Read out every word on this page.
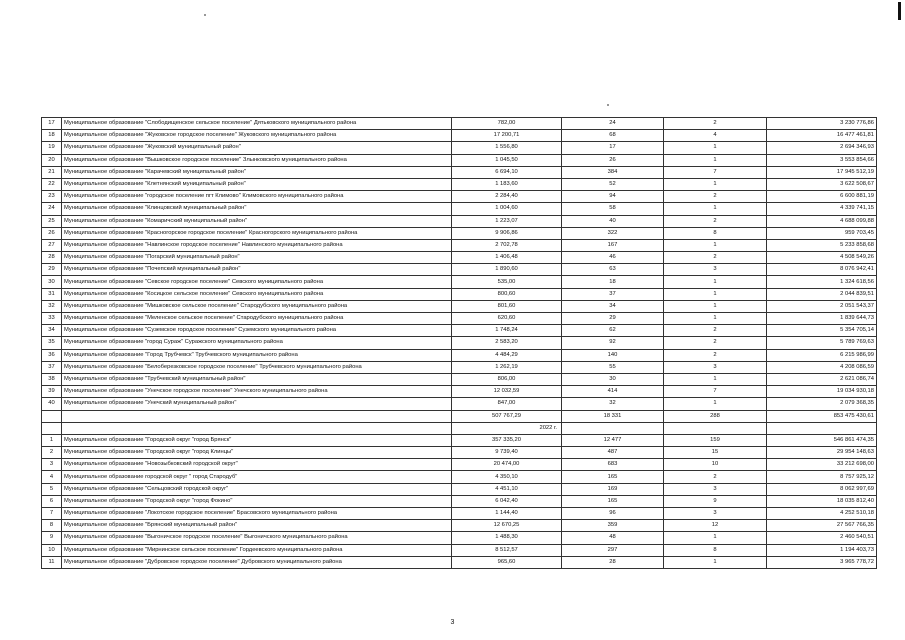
17	Муниципальное образование "Слободищенское сельское поселение" Дятьковского муниципального района	782,00	24	2	3 230 776,86
18	Муниципальное образование "Жуковское городское поселение" Жуковского муниципального района	17 200,71	68	4	16 477 461,81
19	Муниципальное образование "Жуковский муниципальный район"	1 556,80	17	1	2 694 346,93
20	Муниципальное образование "Вышковское городское поселение" Злынковского муниципального района	1 045,50	26	1	3 553 854,66
21	Муниципальное образование "Карачевский муниципальный район"	6 694,10	384	7	17 945 512,19
22	Муниципальное образование "Клетнянский муниципальный район"	1 183,60	52	1	3 622 508,67
23	Муниципальное образование "городское поселение пгт Климово" Климовского муниципального района	2 284,40	94	2	6 600 881,19
24	Муниципальное образование "Клинцовский муниципальный район"	1 004,60	58	1	4 339 741,15
25	Муниципальное образование "Комаричский муниципальный район"	1 223,07	40	2	4 688 099,88
26	Муниципальное образование "Красногорское городское поселение" Красногорского муниципального района	9 906,86	322	8	959 703,45
27	Муниципальное образование "Навлинское городское поселение" Навлинского муниципального района	2 702,78	167	1	5 233 858,68
28	Муниципальное образование "Погарский муниципальный район"	1 406,48	46	2	4 508 549,26
29	Муниципальное образование "Почепский муниципальный район"	1 890,60	63	3	8 076 942,41
30	Муниципальное образование "Севское городское поселение" Севского муниципального района	535,00	18	1	1 324 618,56
31	Муниципальное образование "Косицкое сельское поселение" Севского муниципального района	800,60	37	1	2 044 839,51
32	Муниципальное образование "Мишковское сельское поселение" Стародубского муниципального района	801,60	34	1	2 051 543,37
33	Муниципальное образование "Меленское сельское поселение" Стародубского муниципального района	620,60	29	1	1 839 644,73
34	Муниципальное образование "Суземское городское поселение" Суземского муниципального района	1 748,24	62	2	5 354 705,14
35	Муниципальное образование "город Сураж" Суражского муниципального района	2 583,20	92	2	5 789 769,63
36	Муниципальное образование "Город Трубчевск" Трубчевского муниципального района	4 484,29	140	2	6 215 986,99
37	Муниципальное образование "Белоберезковское городское поселение" Трубчевского муниципального района	1 262,19	55	3	4 208 086,59
38	Муниципальное образование "Трубчевский муниципальный район"	806,00	30	1	2 621 086,74
39	Муниципальное образование "Унечское городское поселение" Унечского муниципального района	12 032,59	414	7	19 034 930,18
40	Муниципальное образование "Унечский муниципальный район"	847,00	32	1	2 079 368,35
		507 767,29	18 331	288	853 475 430,61
		2022 г.			
1	Муниципальное образование "Городской округ "город Брянск"	357 335,20	12 477	159	546 861 474,35
2	Муниципальное образование "Городской округ "город Клинцы"	9 739,40	487	15	29 954 148,63
3	Муниципальное образование "Новозыбковский городской округ"	20 474,00	683	10	33 212 698,00
4	Муниципальное образование городской округ " город Стародуб"	4 350,10	165	2	8 757 925,12
5	Муниципальное образование "Сельцовский городской округ"	4 451,10	169	3	8 062 997,69
6	Муниципальное образование "Городской округ "город Фокино"	6 042,40	165	9	18 035 812,40
7	Муниципальное образование "Локотское городское поселение" Брасовского муниципального района	1 144,40	96	3	4 252 510,18
8	Муниципальное образование "Брянский муниципальный район"	12 670,25	359	12	27 567 766,35
9	Муниципальное образование "Выгоничское городское поселение" Выгоничского муниципального района	1 488,30	48	1	2 460 540,51
10	Муниципальное образование "Мирнинское сельское поселение" Гордеевского муниципального района	8 512,57	297	8	1 194 403,73
11	Муниципальное образование "Дубровское городское поселение" Дубровского муниципального района	965,60	28	1	3 965 778,72
3
